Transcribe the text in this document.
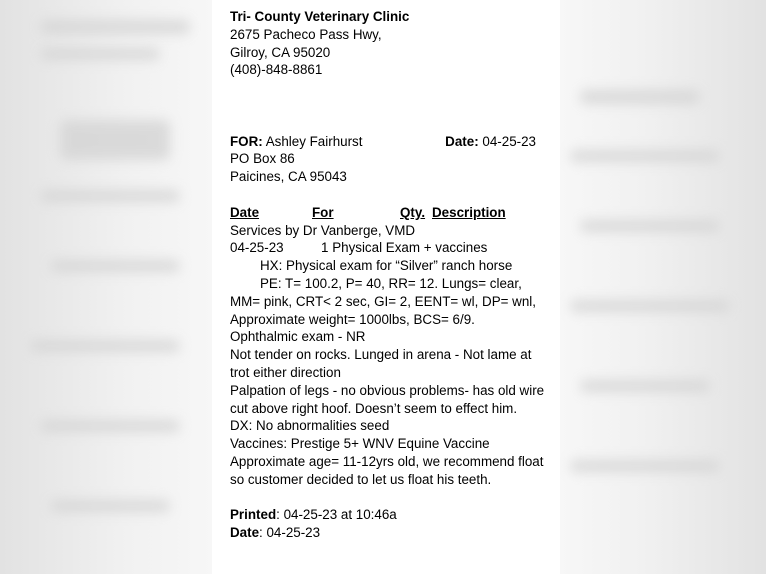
Tri- County Veterinary Clinic
2675 Pacheco Pass Hwy,
Gilroy, CA 95020
(408)-848-8861
FOR: Ashley Fairhurst	Date: 04-25-23
PO Box 86
Paicines, CA 95043
Date	For	Qty. Description
Services by Dr Vanberge, VMD
04-25-23	1 Physical Exam + vaccines
HX: Physical exam for “Silver” ranch horse
PE: T= 100.2, P= 40, RR= 12. Lungs= clear,
MM= pink, CRT< 2 sec, GI= 2, EENT= wl, DP= wnl,
Approximate weight= 1000lbs, BCS= 6/9.
Ophthalmic exam - NR
Not tender on rocks. Lunged in arena - Not lame at trot either direction
Palpation of legs - no obvious problems- has old wire cut above right hoof. Doesn’t seem to effect him.
DX: No abnormalities seed
Vaccines: Prestige 5+ WNV Equine Vaccine
Approximate age= 11-12yrs old, we recommend float so customer decided to let us float his teeth.
Printed: 04-25-23 at 10:46a
Date: 04-25-23
